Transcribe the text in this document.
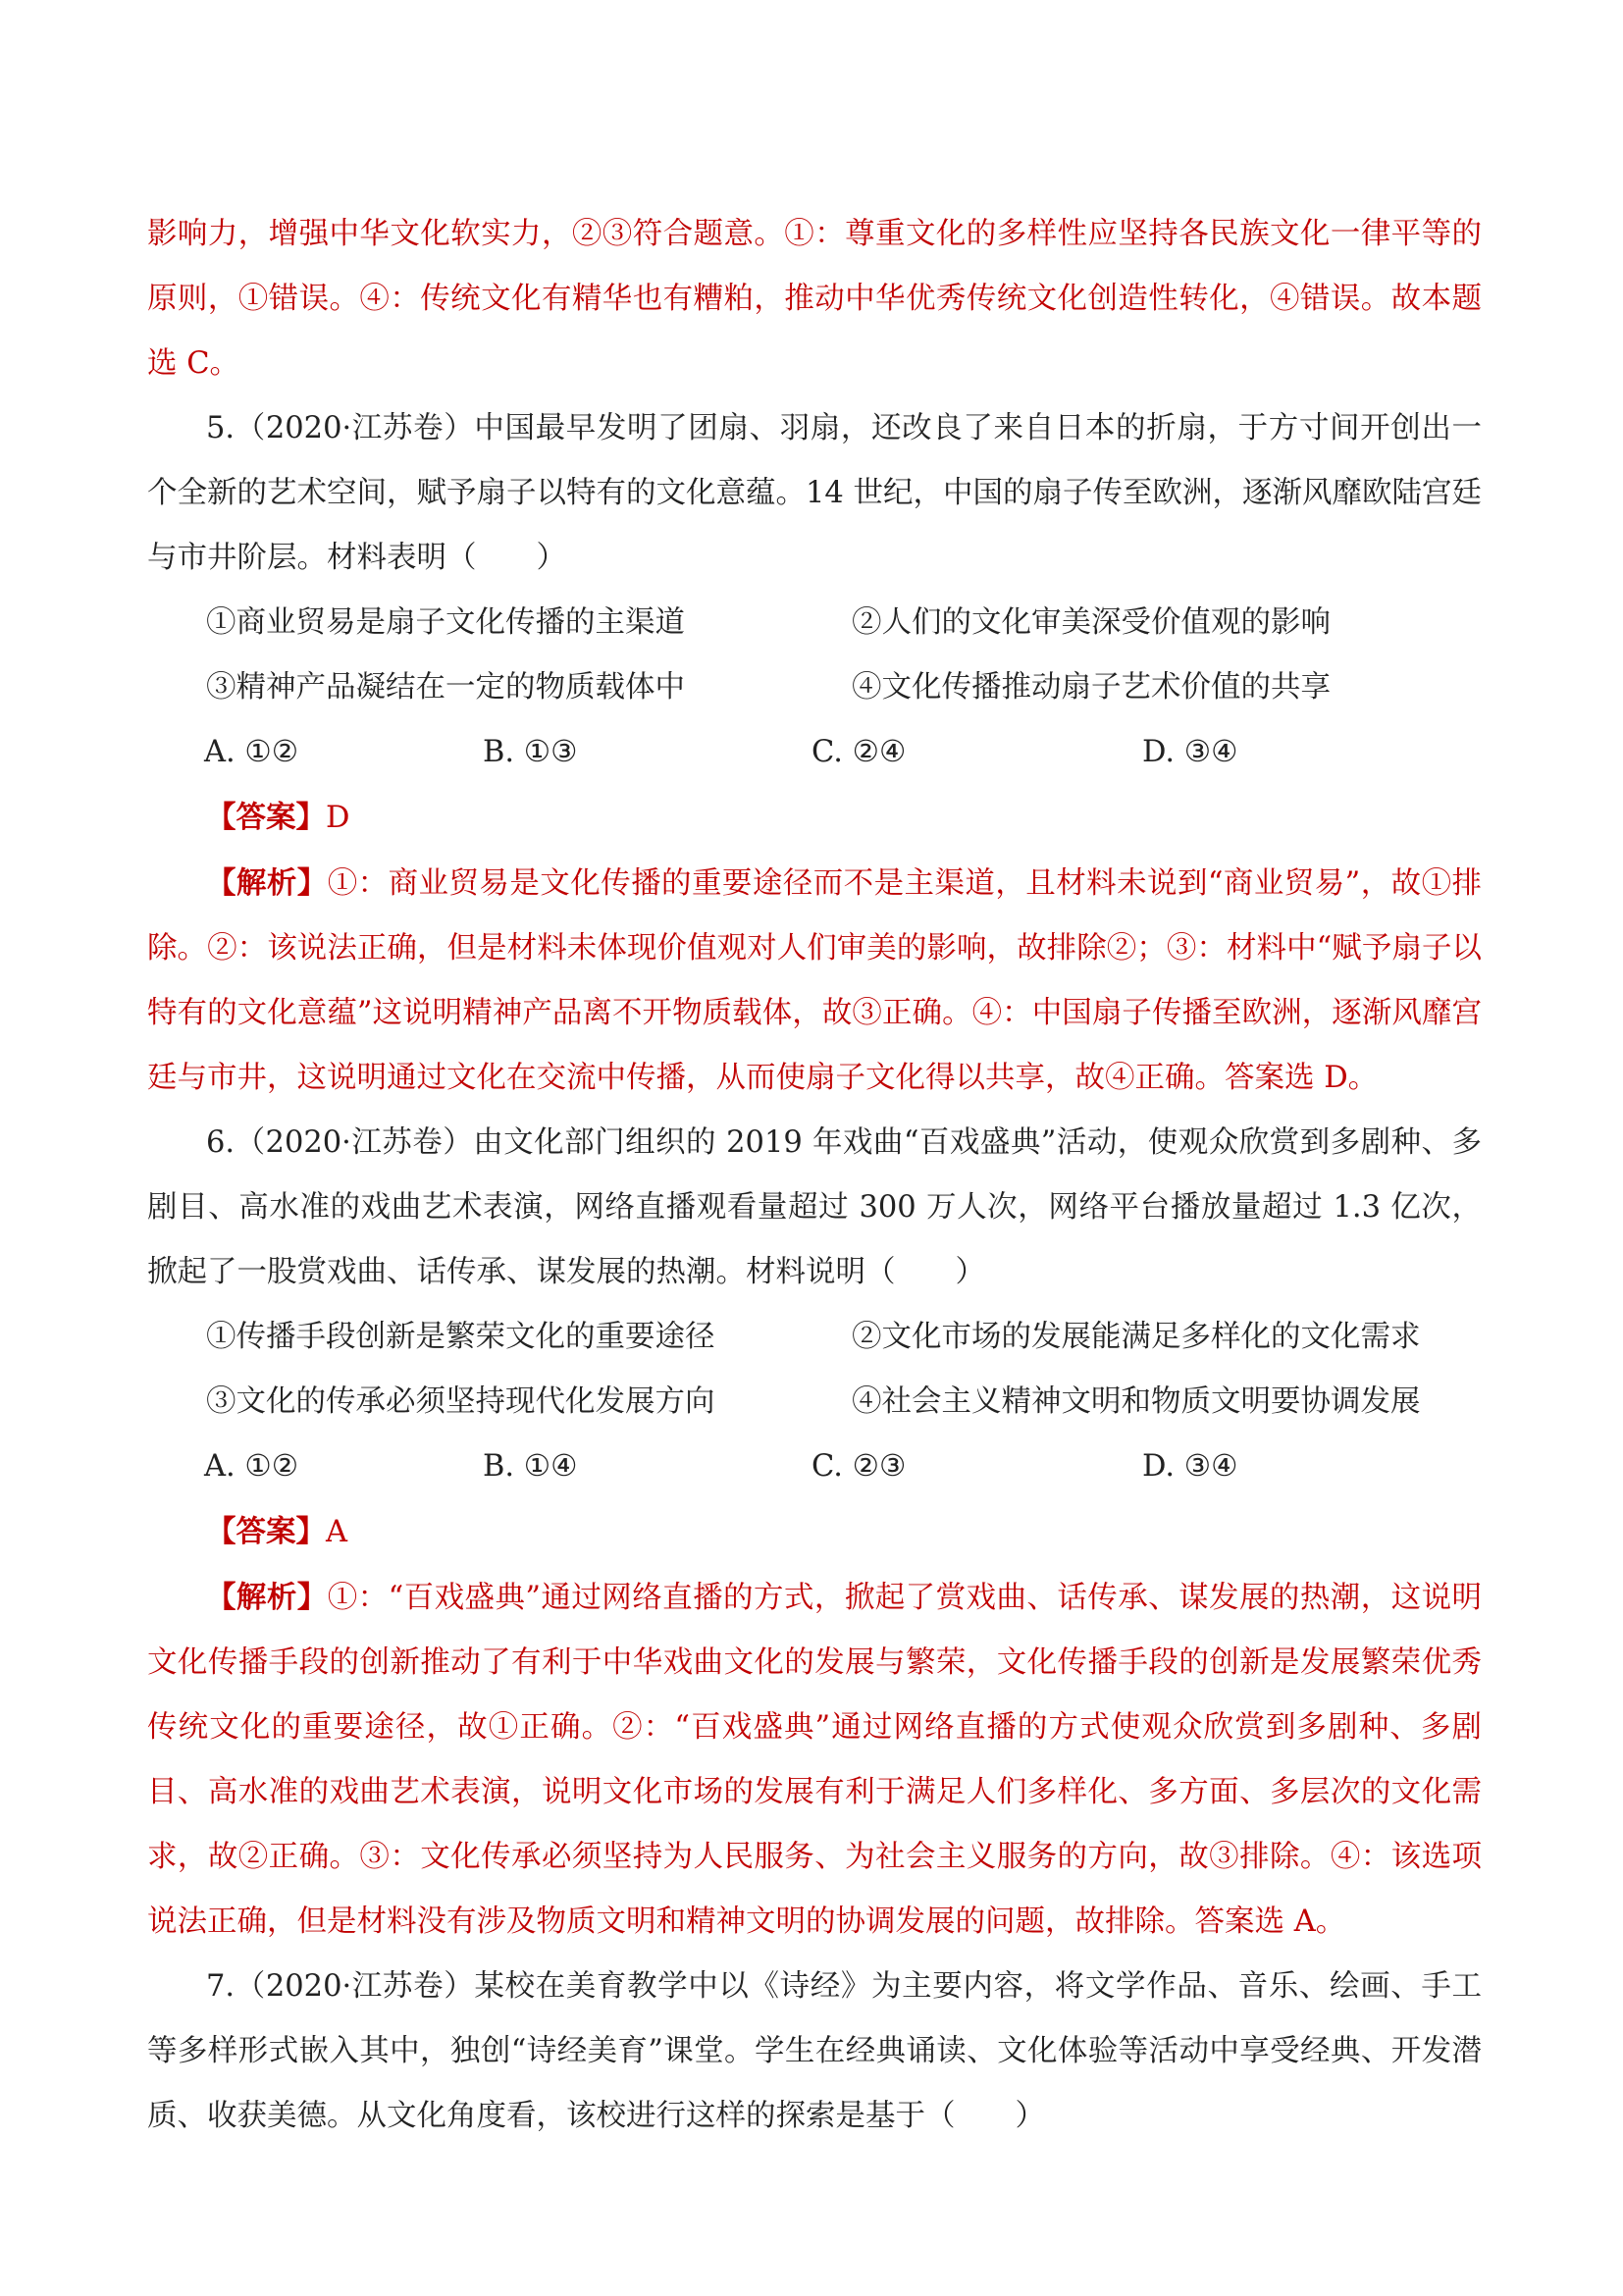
影响力，增强中华文化软实力，②③符合题意。①：尊重文化的多样性应坚持各民族文化一律平等的原则，①错误。④：传统文化有精华也有糟粕，推动中华优秀传统文化创造性转化，④错误。故本题选 C。

5.（2020·江苏卷）中国最早发明了团扇、羽扇，还改良了来自日本的折扇，于方寸间开创出一个全新的艺术空间，赋予扇子以特有的文化意蕴。14 世纪，中国的扇子传至欧洲，逐渐风靡欧陆宫廷与市井阶层。材料表明（　　）

①商业贸易是扇子文化传播的主渠道	②人们的文化审美深受价值观的影响
③精神产品凝结在一定的物质载体中	④文化传播推动扇子艺术价值的共享
A. ①②	B. ①③	C. ②④	D. ③④

【答案】D

【解析】①：商业贸易是文化传播的重要途径而不是主渠道，且材料未说到“商业贸易”，故①排除。②：该说法正确，但是材料未体现价值观对人们审美的影响，故排除②；③：材料中“赋予扇子以特有的文化意蕴”这说明精神产品离不开物质载体，故③正确。④：中国扇子传播至欧洲，逐渐风靡宫廷与市井，这说明通过文化在交流中传播，从而使扇子文化得以共享，故④正确。答案选 D。

6.（2020·江苏卷）由文化部门组织的 2019 年戏曲“百戏盛典”活动，使观众欣赏到多剧种、多剧目、高水准的戏曲艺术表演，网络直播观看量超过 300 万人次，网络平台播放量超过 1.3 亿次，掀起了一股赏戏曲、话传承、谋发展的热潮。材料说明（　　）

①传播手段创新是繁荣文化的重要途径	②文化市场的发展能满足多样化的文化需求
③文化的传承必须坚持现代化发展方向	④社会主义精神文明和物质文明要协调发展
A. ①②	B. ①④	C. ②③	D. ③④

【答案】A

【解析】①：“百戏盛典”通过网络直播的方式，掀起了赏戏曲、话传承、谋发展的热潮，这说明文化传播手段的创新推动了有利于中华戏曲文化的发展与繁荣，文化传播手段的创新是发展繁荣优秀传统文化的重要途径，故①正确。②：“百戏盛典”通过网络直播的方式使观众欣赏到多剧种、多剧目、高水准的戏曲艺术表演，说明文化市场的发展有利于满足人们多样化、多方面、多层次的文化需求，故②正确。③：文化传承必须坚持为人民服务、为社会主义服务的方向，故③排除。④：该选项说法正确，但是材料没有涉及物质文明和精神文明的协调发展的问题，故排除。答案选 A。

7.（2020·江苏卷）某校在美育教学中以《诗经》为主要内容，将文学作品、音乐、绘画、手工等多样形式嵌入其中，独创“诗经美育”课堂。学生在经典诵读、文化体验等活动中享受经典、开发潜质、收获美德。从文化角度看，该校进行这样的探索是基于（　　）
